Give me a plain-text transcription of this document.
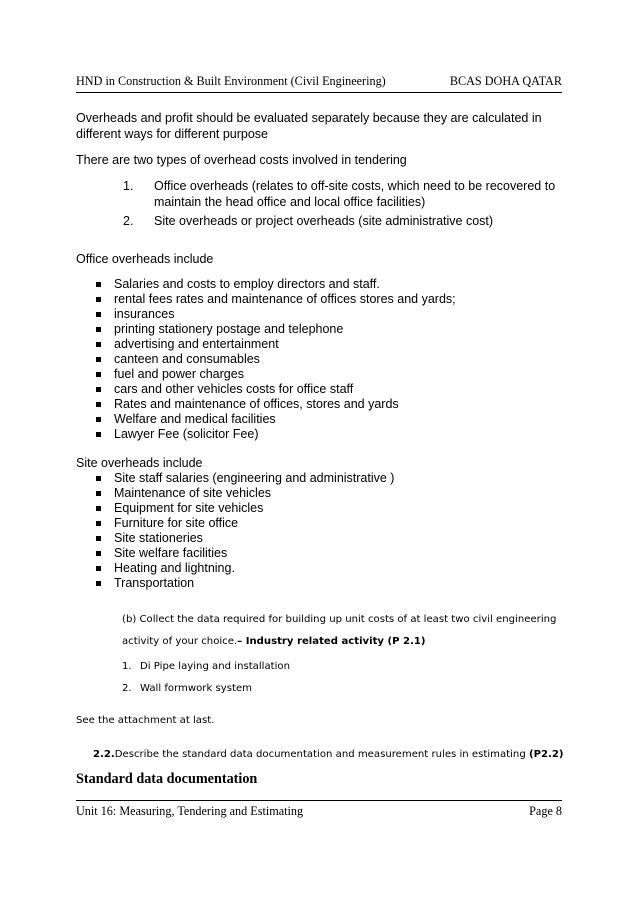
HND in Construction & Built Environment (Civil Engineering)	BCAS DOHA QATAR

Overheads and profit should be evaluated separately because they are calculated in different ways for different purpose

There are two types of overhead costs involved in tendering

1.	Office overheads (relates to off-site costs, which need to be recovered to maintain the head office and local office facilities)
2.	Site overheads or project overheads (site administrative cost)

Office overheads include

Salaries and costs to employ directors and staff.
rental fees rates and maintenance of offices stores and yards;
insurances
printing stationery postage and telephone
advertising and entertainment
canteen and consumables
fuel and power charges
cars and other vehicles costs for office staff
Rates and maintenance of offices, stores and yards
Welfare and medical facilities
Lawyer Fee (solicitor Fee)

Site overheads include

Site staff salaries (engineering and administrative )
Maintenance of site vehicles
Equipment for site vehicles
Furniture for site office
Site stationeries
Site welfare facilities
Heating and lightning.
Transportation

(b) Collect the data required for building up unit costs of at least two civil engineering activity of your choice.– Industry related activity (P 2.1)

1. Di Pipe laying and installation
2. Wall formwork system

See the attachment at last.

2.2.Describe the standard data documentation and measurement rules in estimating (P2.2)

Standard data documentation
Unit 16: Measuring, Tendering and Estimating	Page 8
